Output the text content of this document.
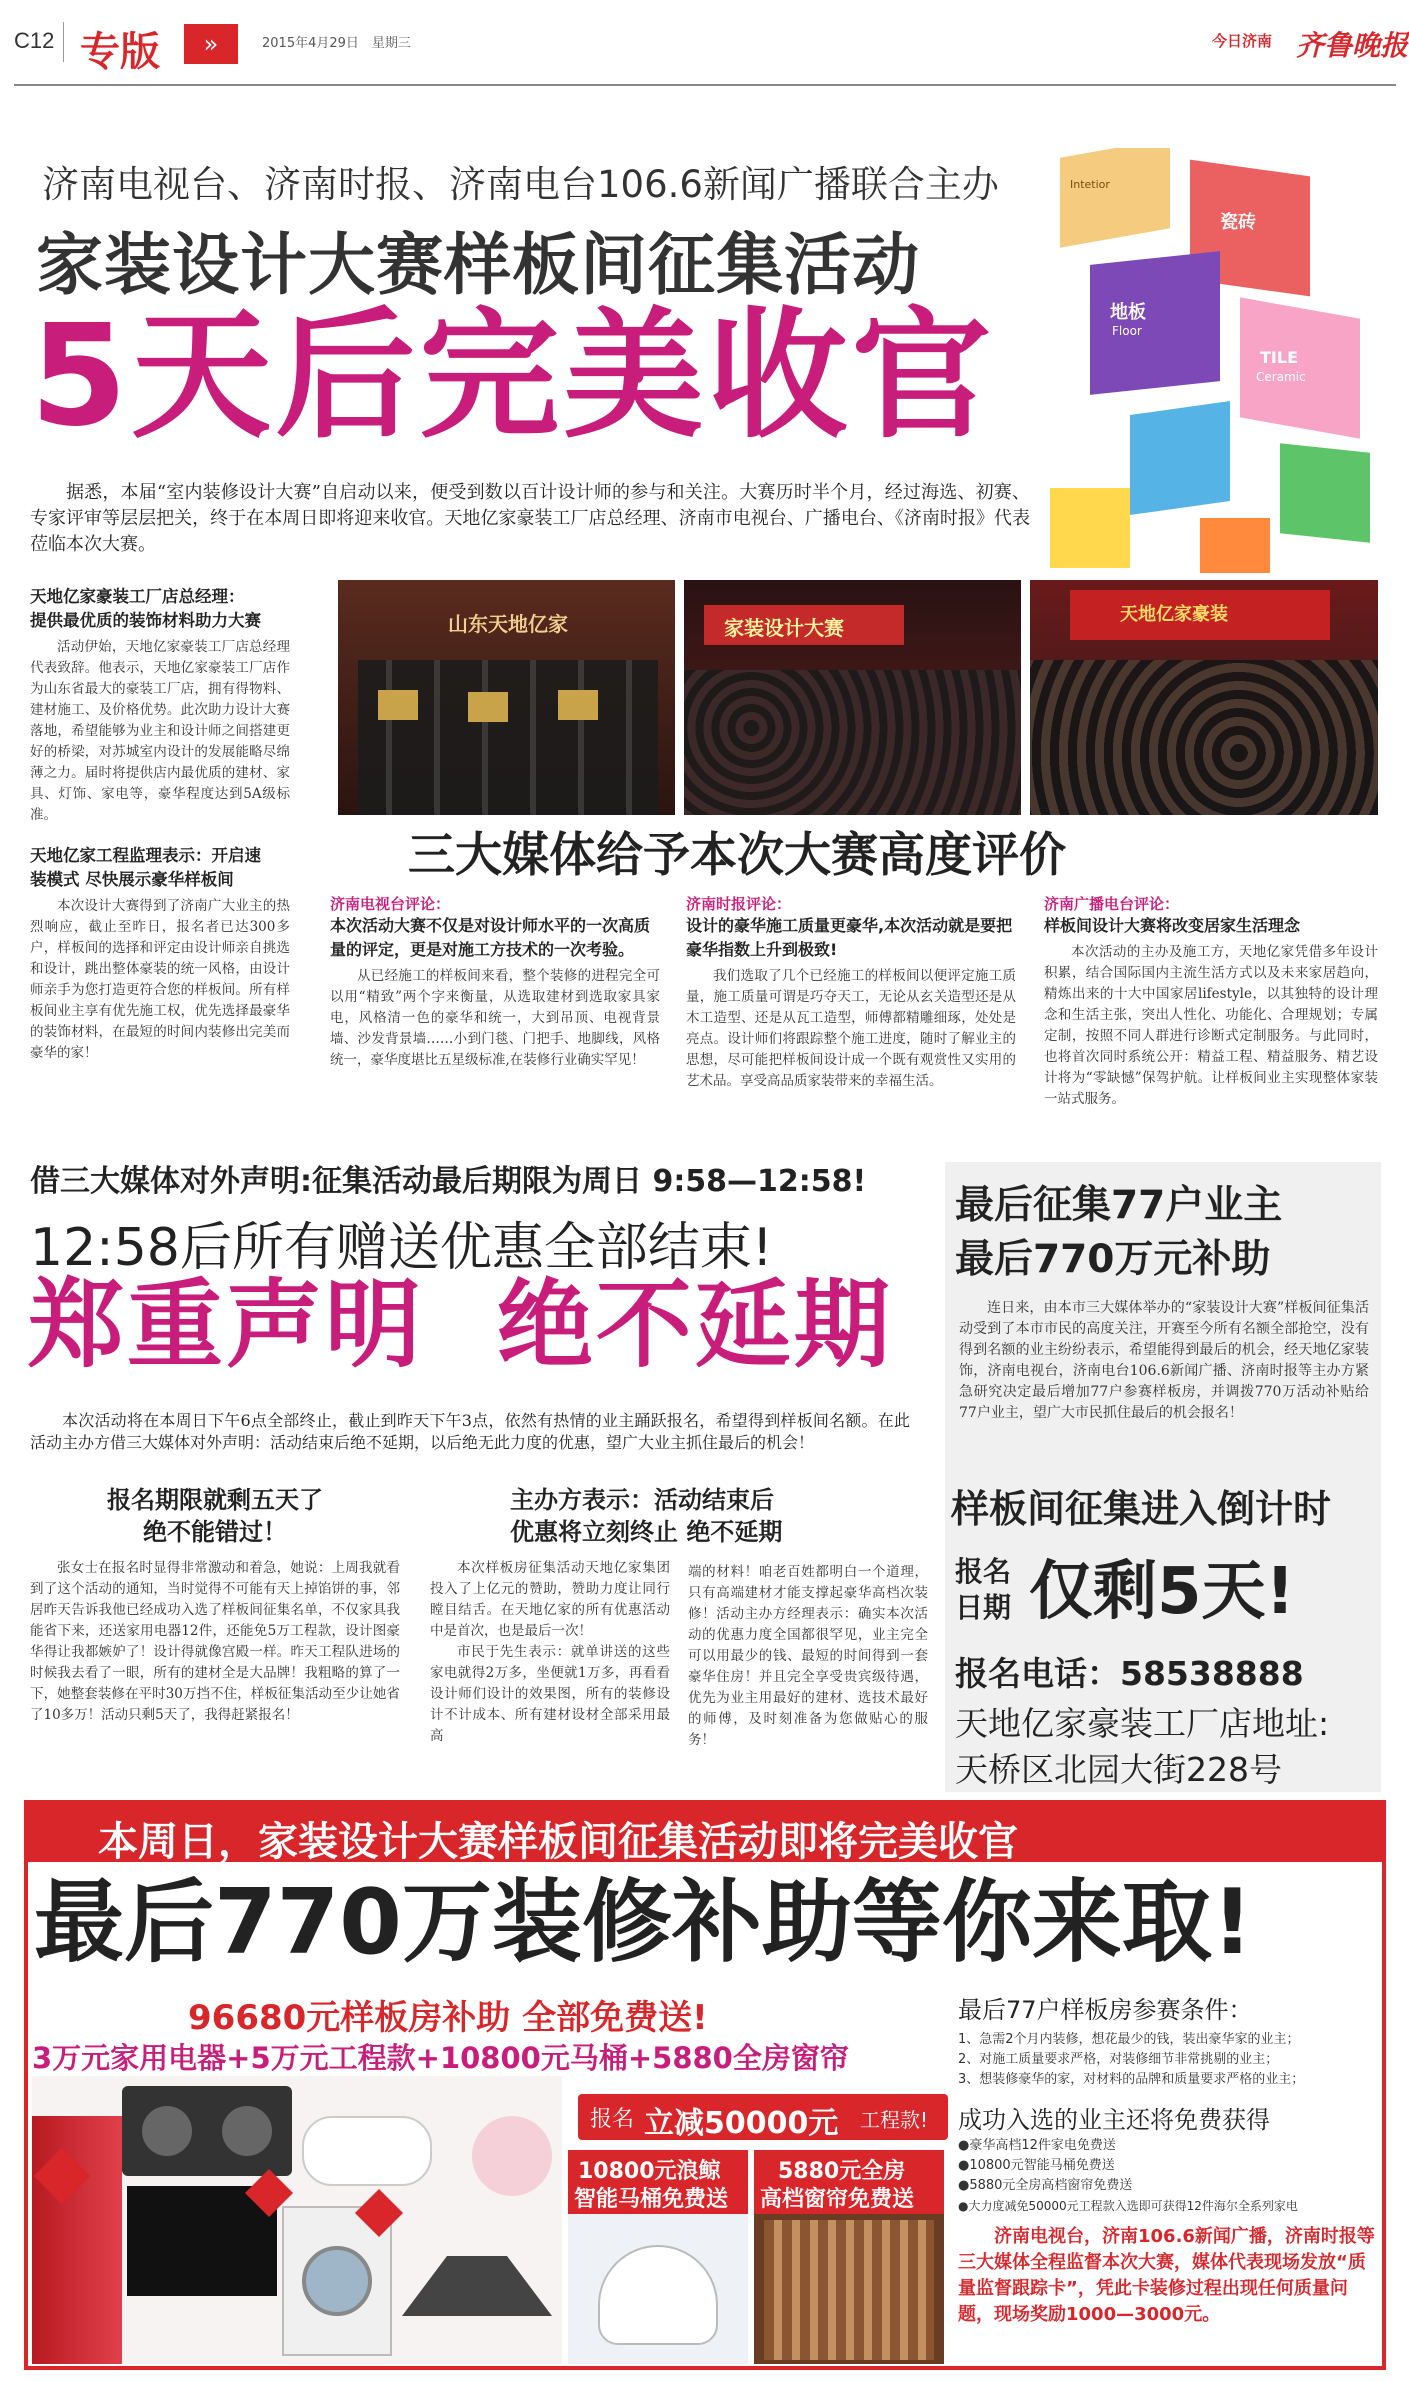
C12 专版	»	2015年4月29日　星期三	今日济南 齐鲁晚报
济南电视台、济南时报、济南电台106.6新闻广播联合主办
家装设计大赛样板间征集活动
5天后完美收官	地板
Floor
TILE
Ceramic
瓷砖
Intetior

据悉，本届“室内装修设计大赛”自启动以来，便受到数以百计设计师的参与和关注。大赛历时半个月，经过海选、初赛、专家评审等层层把关，终于在本周日即将迎来收官。天地亿家豪装工厂店总经理、济南市电视台、广播电台、《济南时报》代表莅临本次大赛。

天地亿家豪装工厂店总经理：
提供最优质的装饰材料助力大赛

活动伊始，天地亿家豪装工厂店总经理代表致辞。他表示，天地亿家豪装工厂店作为山东省最大的豪装工厂店，拥有得物料、建材施工、及价格优势。此次助力设计大赛落地，希望能够为业主和设计师之间搭建更好的桥梁，对苏城室内设计的发展能略尽绵薄之力。届时将提供店内最优质的建材、家具、灯饰、家电等，豪华程度达到5A级标准。

天地亿家工程监理表示：开启速
装模式 尽快展示豪华样板间

本次设计大赛得到了济南广大业主的热烈响应，截止至昨日，报名者已达300多户，样板间的选择和评定由设计师亲自挑选和设计，跳出整体豪装的统一风格，由设计师亲手为您打造更符合您的样板间。所有样板间业主享有优先施工权，优先选择最豪华的装饰材料，在最短的时间内装修出完美而豪华的家！

山东天地亿家	家装设计大赛
天地亿家豪装
三大媒体给予本次大赛高度评价
济南电视台评论：
本次活动大赛不仅是对设计师水平的一次高质量的评定，更是对施工方技术的一次考验。

从已经施工的样板间来看，整个装修的进程完全可以用“精致”两个字来衡量，从选取建材到选取家具家电，风格清一色的豪华和统一，大到吊顶、电视背景墙、沙发背景墙……小到门毯、门把手、地脚线，风格统一，豪华度堪比五星级标准,在装修行业确实罕见！

济南时报评论：
设计的豪华施工质量更豪华,本次活动就是要把豪华指数上升到极致!

我们选取了几个已经施工的样板间以便评定施工质量，施工质量可谓是巧夺天工，无论从玄关造型还是从木工造型、还是从瓦工造型，师傅都精雕细琢，处处是亮点。设计师们将跟踪整个施工进度，随时了解业主的思想，尽可能把样板间设计成一个既有观赏性又实用的艺术品。享受高品质家装带来的幸福生活。

济南广播电台评论：
样板间设计大赛将改变居家生活理念

本次活动的主办及施工方，天地亿家凭借多年设计积累，结合国际国内主流生活方式以及未来家居趋向，精炼出来的十大中国家居lifestyle，以其独特的设计理念和生活主张，突出人性化、功能化、合理规划；专属定制，按照不同人群进行诊断式定制服务。与此同时，也将首次同时系统公开：精益工程、精益服务、精艺设计将为“零缺憾”保驾护航。让样板间业主实现整体家装一站式服务。

借三大媒体对外声明:征集活动最后期限为周日 9:58—12:58!
12:58后所有赠送优惠全部结束!
郑重声明  绝不延期

本次活动将在本周日下午6点全部终止，截止到昨天下午3点，依然有热情的业主踊跃报名，希望得到样板间名额。在此活动主办方借三大媒体对外声明：活动结束后绝不延期，以后绝无此力度的优惠，望广大业主抓住最后的机会！

报名期限就剩五天了
绝不能错过！

张女士在报名时显得非常激动和着急，她说：上周我就看到了这个活动的通知，当时觉得不可能有天上掉馅饼的事，邻居昨天告诉我他已经成功入选了样板间征集名单，不仅家具我能省下来，还送家用电器12件，还能免5万工程款，设计图豪华得让我都嫉妒了！设计得就像宫殿一样。昨天工程队进场的时候我去看了一眼，所有的建材全是大品牌！我粗略的算了一下，她整套装修在平时30万挡不住，样板征集活动至少让她省了10多万！活动只剩5天了，我得赶紧报名！

主办方表示：活动结束后
优惠将立刻终止 绝不延期

本次样板房征集活动天地亿家集团投入了上亿元的赞助，赞助力度让同行瞠目结舌。在天地亿家的所有优惠活动中是首次，也是最后一次！

市民于先生表示：就单讲送的这些家电就得2万多，坐便就1万多，再看看设计师们设计的效果图，所有的装修设计不计成本、所有建材设材全部采用最高

端的材料！咱老百姓都明白一个道理，只有高端建材才能支撑起豪华高档次装修！活动主办方经理表示：确实本次活动的优惠力度全国都很罕见，业主完全可以用最少的钱、最短的时间得到一套豪华住房！并且完全享受贵宾级待遇，优先为业主用最好的建材、选技术最好的师傅，及时刻准备为您做贴心的服务！

最后征集77户业主
最后770万元补助

连日来，由本市三大媒体举办的“家装设计大赛”样板间征集活动受到了本市市民的高度关注，开赛至今所有名额全部抢空，没有得到名额的业主纷纷表示，希望能得到最后的机会，经天地亿家装饰，济南电视台，济南电台106.6新闻广播、济南时报等主办方紧急研究决定最后增加77户参赛样板房，并调拨770万活动补贴给77户业主，望广大市民抓住最后的机会报名！

样板间征集进入倒计时
报名
日期 仅剩5天!
报名电话：58538888
天地亿家豪装工厂店地址:
天桥区北园大街228号
本周日，家装设计大赛样板间征集活动即将完美收官
最后770万装修补助等你来取!
96680元样板房补助 全部免费送!
3万元家用电器+5万元工程款+10800元马桶+5880全房窗帘
报名 立减50000元 工程款!
10800元浪鲸
智能马桶免费送
5880元全房
高档窗帘免费送
最后77户样板房参赛条件：
1、急需2个月内装修，想花最少的钱，装出豪华家的业主；
2、对施工质量要求严格，对装修细节非常挑剔的业主；
3、想装修豪华的家，对材料的品牌和质量要求严格的业主；
成功入选的业主还将免费获得
●豪华高档12件家电免费送
●10800元智能马桶免费送
●5880元全房高档窗帘免费送
●大力度减免50000元工程款入选即可获得12件海尔全系列家电

济南电视台，济南106.6新闻广播，济南时报等三大媒体全程监督本次大赛，媒体代表现场发放“质量监督跟踪卡”，凭此卡装修过程出现任何质量问题，现场奖励1000—3000元。
